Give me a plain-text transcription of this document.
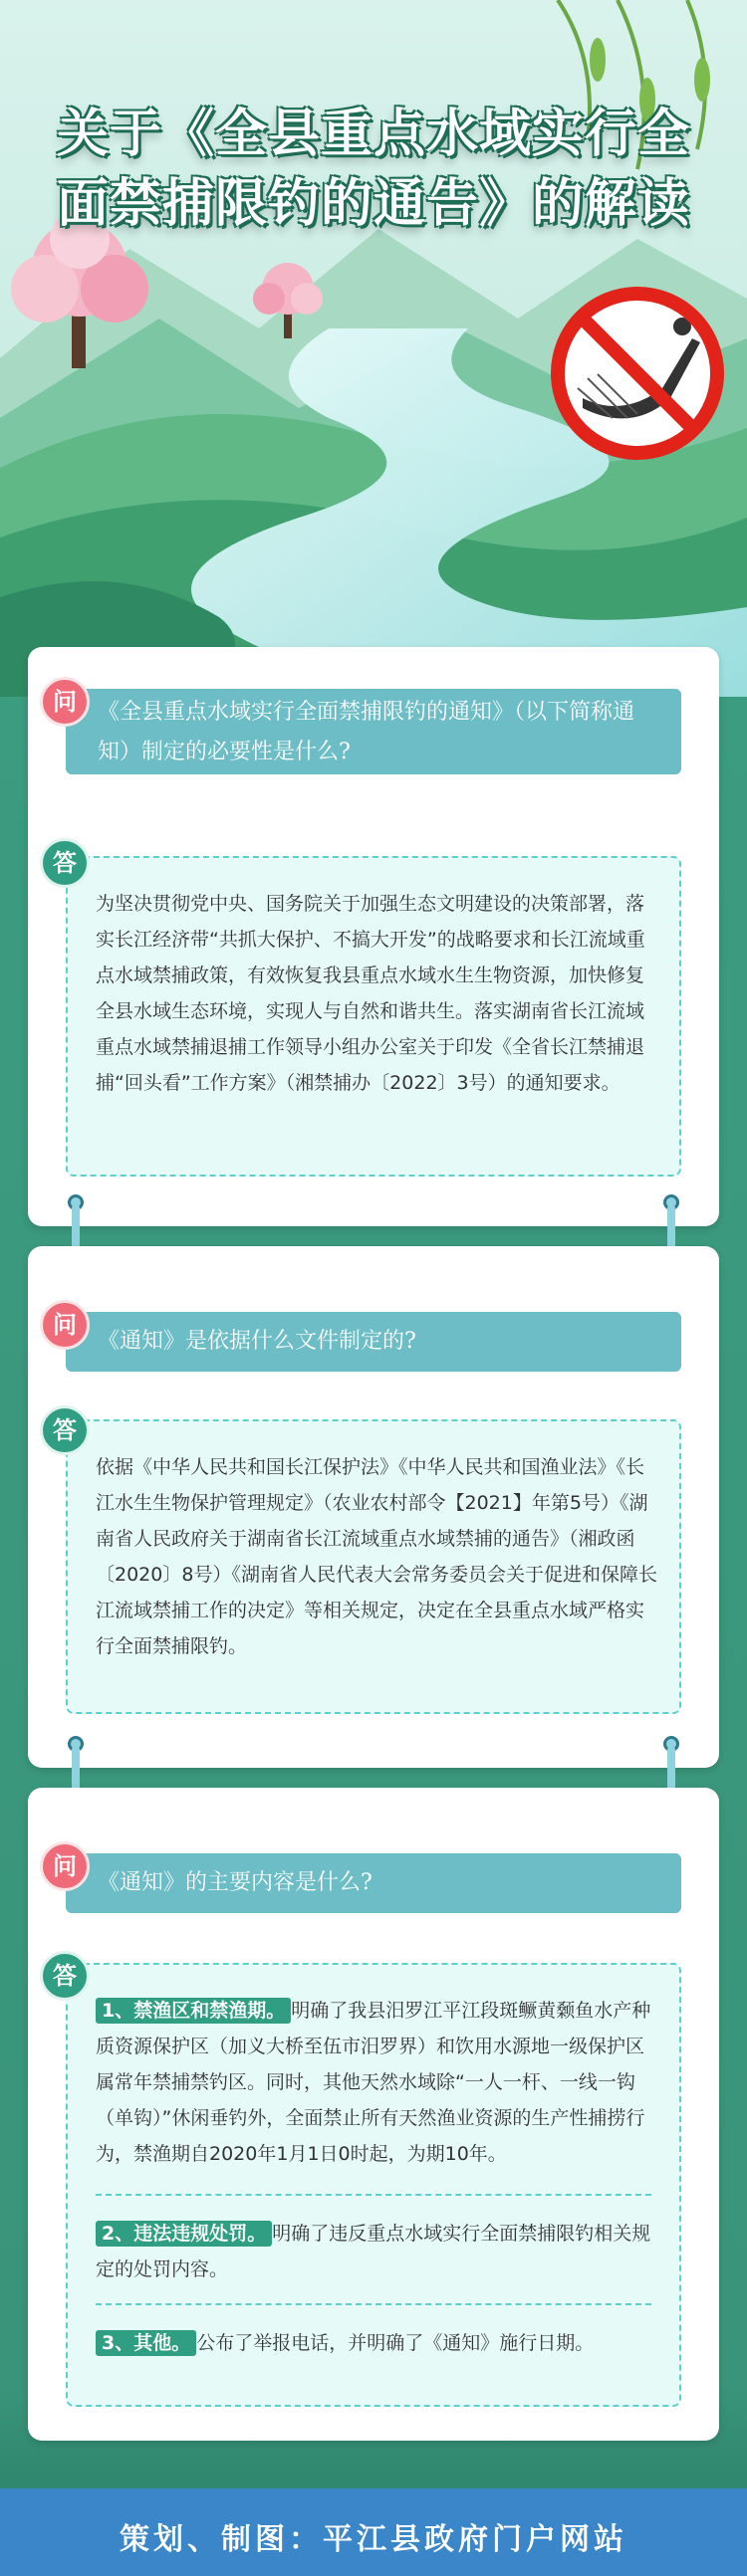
关于《全县重点水域实行全
面禁捕限钓的通告》的解读
《全县重点水域实行全面禁捕限钓的通知》（以下简称通知）制定的必要性是什么?
问
为坚决贯彻党中央、国务院关于加强生态文明建设的决策部署，落实长江经济带“共抓大保护、不搞大开发”的战略要求和长江流域重点水域禁捕政策，有效恢复我县重点水域水生生物资源，加快修复全县水域生态环境，实现人与自然和谐共生。落实湖南省长江流域重点水域禁捕退捕工作领导小组办公室关于印发《全省长江禁捕退捕“回头看”工作方案》（湘禁捕办〔2022〕3号）的通知要求。
答
《通知》是依据什么文件制定的?
问
依据《中华人民共和国长江保护法》《中华人民共和国渔业法》《长江水生生物保护管理规定》（农业农村部令【2021】年第5号）《湖南省人民政府关于湖南省长江流域重点水域禁捕的通告》（湘政函〔2020〕8号）《湖南省人民代表大会常务委员会关于促进和保障长江流域禁捕工作的决定》等相关规定，决定在全县重点水域严格实行全面禁捕限钓。
答
《通知》的主要内容是什么?
问
1、禁渔区和禁渔期。 明确了我县汨罗江平江段斑鳜黄颡鱼水产种质资源保护区（加义大桥至伍市汨罗界）和饮用水源地一级保护区属常年禁捕禁钓区。同时，其他天然水域除“一人一杆、一线一钩（单钩）”休闲垂钓外，全面禁止所有天然渔业资源的生产性捕捞行为，禁渔期自2020年1月1日0时起，为期10年。
2、违法违规处罚。 明确了违反重点水域实行全面禁捕限钓相关规定的处罚内容。
3、其他。 公布了举报电话，并明确了《通知》施行日期。
答
策划、制图：平江县政府门户网站
